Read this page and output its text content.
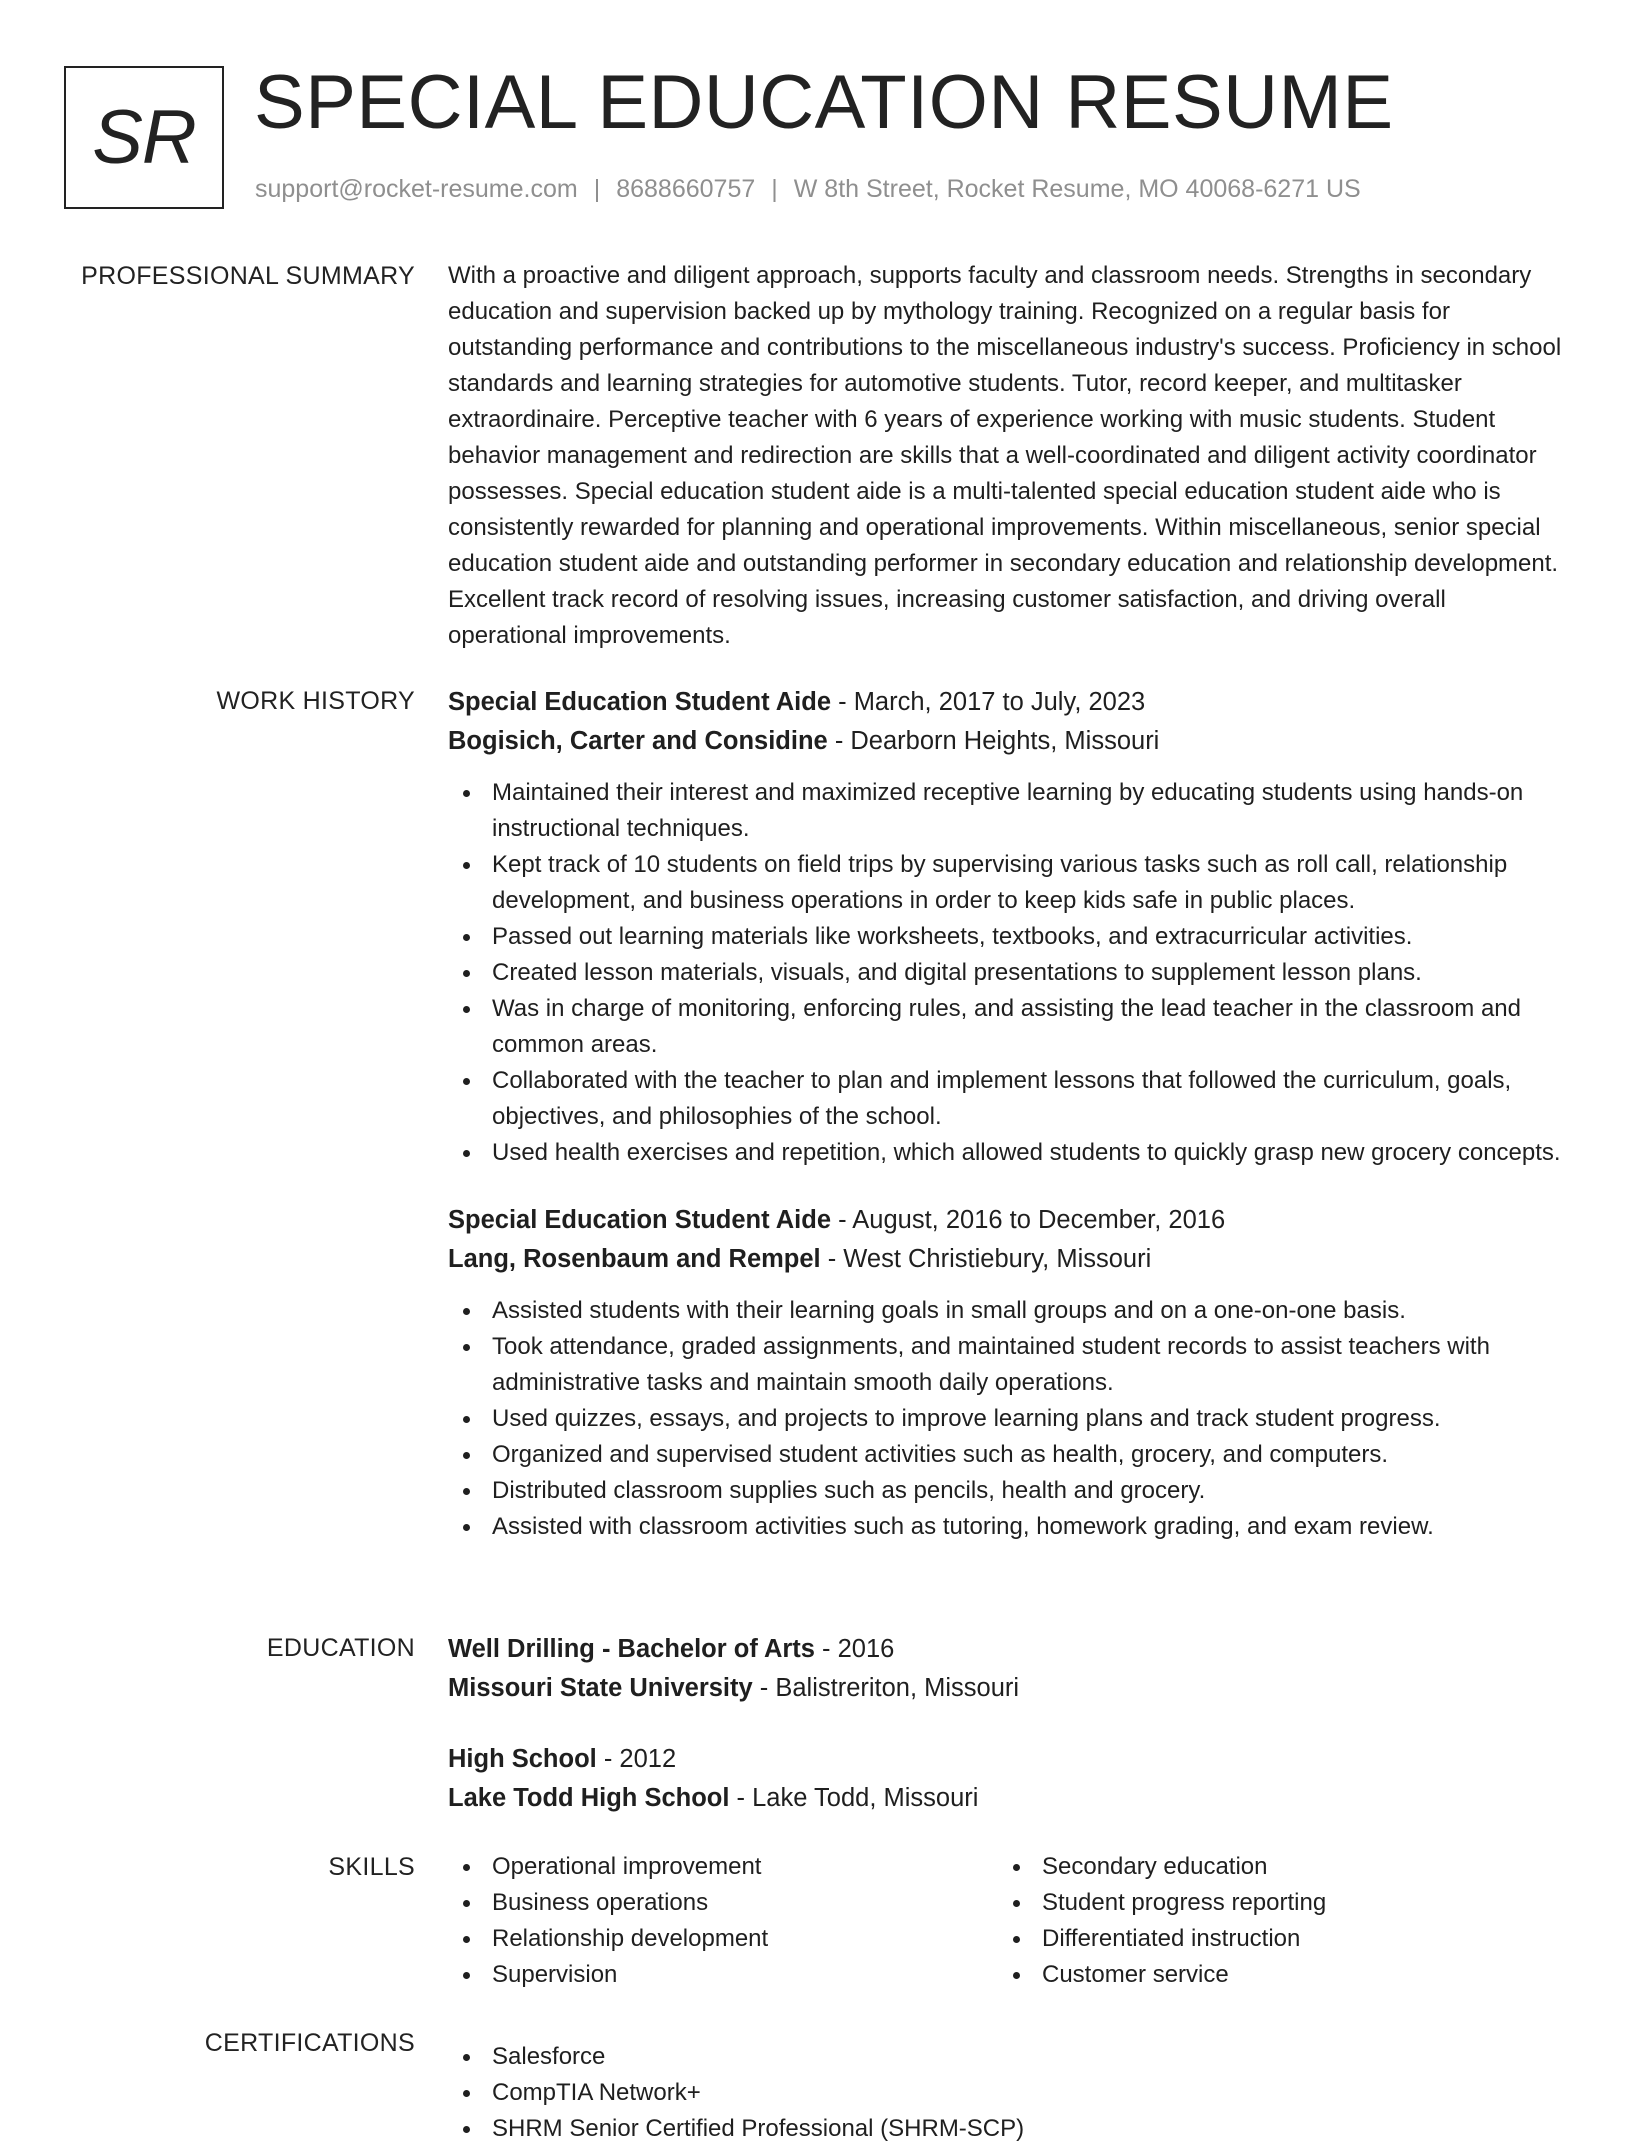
SR SPECIAL EDUCATION RESUME
support@rocket-resume.com | 8688660757 | W 8th Street, Rocket Resume, MO 40068-6271 US
PROFESSIONAL SUMMARY With a proactive and diligent approach, supports faculty and classroom needs. Strengths in secondary education and supervision backed up by mythology training. Recognized on a regular basis for outstanding performance and contributions to the miscellaneous industry's success. Proficiency in school standards and learning strategies for automotive students. Tutor, record keeper, and multitasker extraordinaire. Perceptive teacher with 6 years of experience working with music students. Student behavior management and redirection are skills that a well-coordinated and diligent activity coordinator possesses. Special education student aide is a multi-talented special education student aide who is consistently rewarded for planning and operational improvements. Within miscellaneous, senior special education student aide and outstanding performer in secondary education and relationship development. Excellent track record of resolving issues, increasing customer satisfaction, and driving overall operational improvements.
WORK HISTORY Special Education Student Aide - March, 2017 to July, 2023
Bogisich, Carter and Considine - Dearborn Heights, Missouri
Maintained their interest and maximized receptive learning by educating students using hands-on instructional techniques.
Kept track of 10 students on field trips by supervising various tasks such as roll call, relationship development, and business operations in order to keep kids safe in public places.
Passed out learning materials like worksheets, textbooks, and extracurricular activities.
Created lesson materials, visuals, and digital presentations to supplement lesson plans.
Was in charge of monitoring, enforcing rules, and assisting the lead teacher in the classroom and common areas.
Collaborated with the teacher to plan and implement lessons that followed the curriculum, goals, objectives, and philosophies of the school.
Used health exercises and repetition, which allowed students to quickly grasp new grocery concepts.
Special Education Student Aide - August, 2016 to December, 2016
Lang, Rosenbaum and Rempel - West Christiebury, Missouri
Assisted students with their learning goals in small groups and on a one-on-one basis.
Took attendance, graded assignments, and maintained student records to assist teachers with administrative tasks and maintain smooth daily operations.
Used quizzes, essays, and projects to improve learning plans and track student progress.
Organized and supervised student activities such as health, grocery, and computers.
Distributed classroom supplies such as pencils, health and grocery.
Assisted with classroom activities such as tutoring, homework grading, and exam review.
EDUCATION Well Drilling - Bachelor of Arts - 2016
Missouri State University - Balistreriton, Missouri
High School - 2012
Lake Todd High School - Lake Todd, Missouri
SKILLS	Operational improvement
Business operations
Relationship development
Supervision
Secondary education
Student progress reporting
Differentiated instruction
Customer service
CERTIFICATIONS	Salesforce
CompTIA Network+
SHRM Senior Certified Professional (SHRM-SCP)
